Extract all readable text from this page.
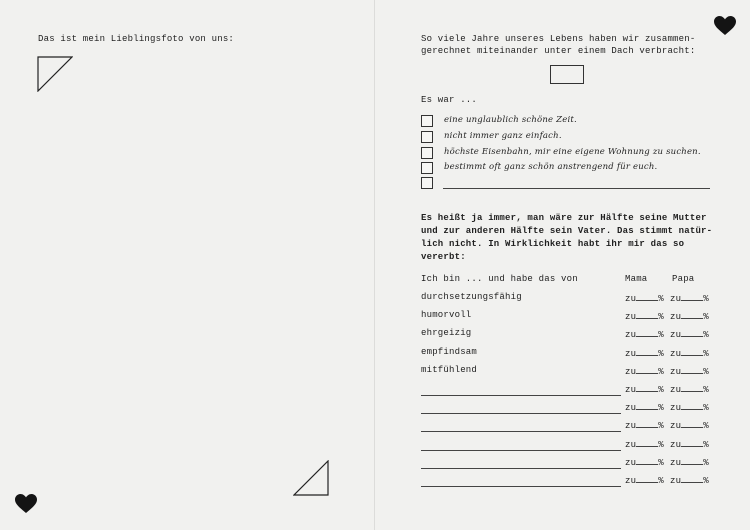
Das ist mein Lieblingsfoto von uns:	So viele Jahre unseres Lebens haben wir zusammen-
gerechnet miteinander unter einem Dach verbracht:
Es war ...
eine unglaublich schöne Zeit.
nicht immer ganz einfach.
höchste Eisenbahn, mir eine eigene Wohnung zu suchen.
bestimmt oft ganz schön anstrengend für euch.
Es heißt ja immer, man wäre zur Hälfte seine Mutter
und zur anderen Hälfte sein Vater. Das stimmt natür-
lich nicht. In Wirklichkeit habt ihr mir das so
vererbt:
Ich bin ... und habe das von	Mama	Papa
durchsetzungsfähig	zu % zu %
humorvoll	zu % zu %
ehrgeizig	zu % zu %
empfindsam	zu % zu %
mitfühlend	zu % zu %
zu % zu %
zu % zu %
zu % zu %
zu % zu %
zu % zu %
zu % zu %
